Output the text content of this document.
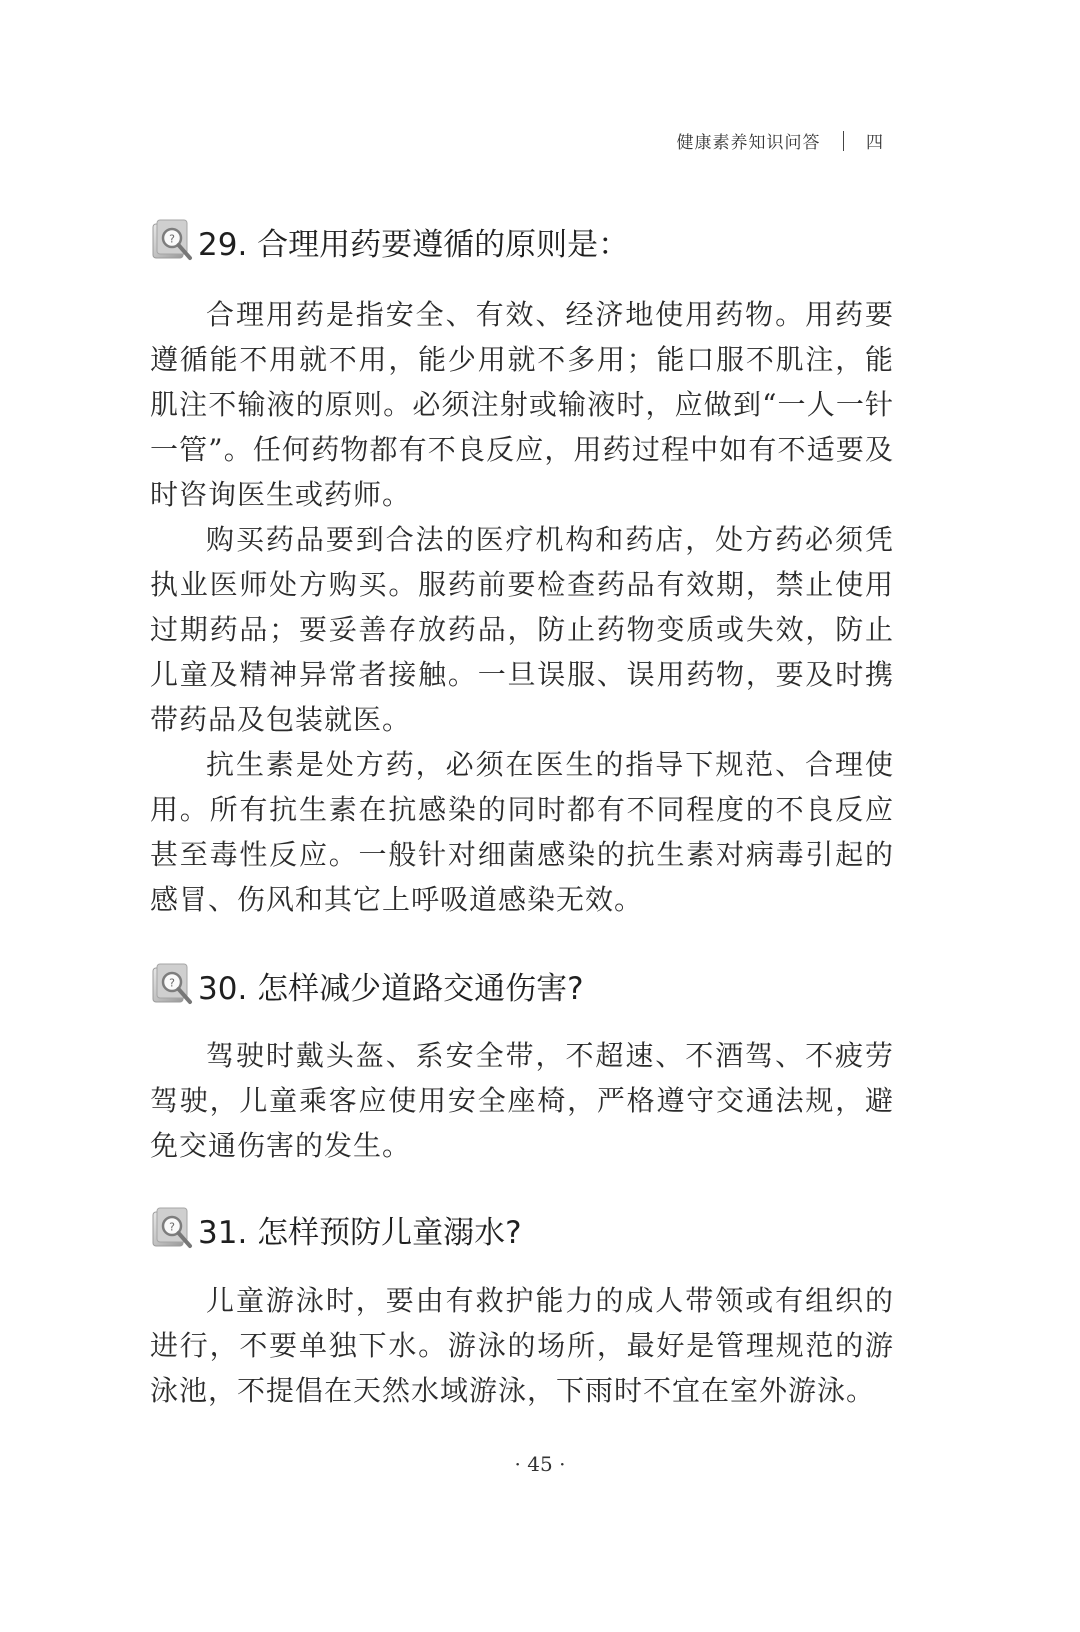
健康素养知识问答	四
? 29. 合理用药要遵循的原则是：

合理用药是指安全、有效、经济地使用药物。用药要遵循能不用就不用，能少用就不多用；能口服不肌注，能肌注不输液的原则。必须注射或输液时，应做到“一人一针一管”。任何药物都有不良反应，用药过程中如有不适要及时咨询医生或药师。

购买药品要到合法的医疗机构和药店，处方药必须凭执业医师处方购买。服药前要检查药品有效期，禁止使用过期药品；要妥善存放药品，防止药物变质或失效，防止儿童及精神异常者接触。一旦误服、误用药物，要及时携带药品及包装就医。

抗生素是处方药，必须在医生的指导下规范、合理使用。所有抗生素在抗感染的同时都有不同程度的不良反应甚至毒性反应。一般针对细菌感染的抗生素对病毒引起的感冒、伤风和其它上呼吸道感染无效。

? 30. 怎样减少道路交通伤害?

驾驶时戴头盔、系安全带，不超速、不酒驾、不疲劳驾驶，儿童乘客应使用安全座椅，严格遵守交通法规，避免交通伤害的发生。

? 31. 怎样预防儿童溺水?

儿童游泳时，要由有救护能力的成人带领或有组织的进行，不要单独下水。游泳的场所，最好是管理规范的游泳池，不提倡在天然水域游泳，下雨时不宜在室外游泳。

· 45 ·
